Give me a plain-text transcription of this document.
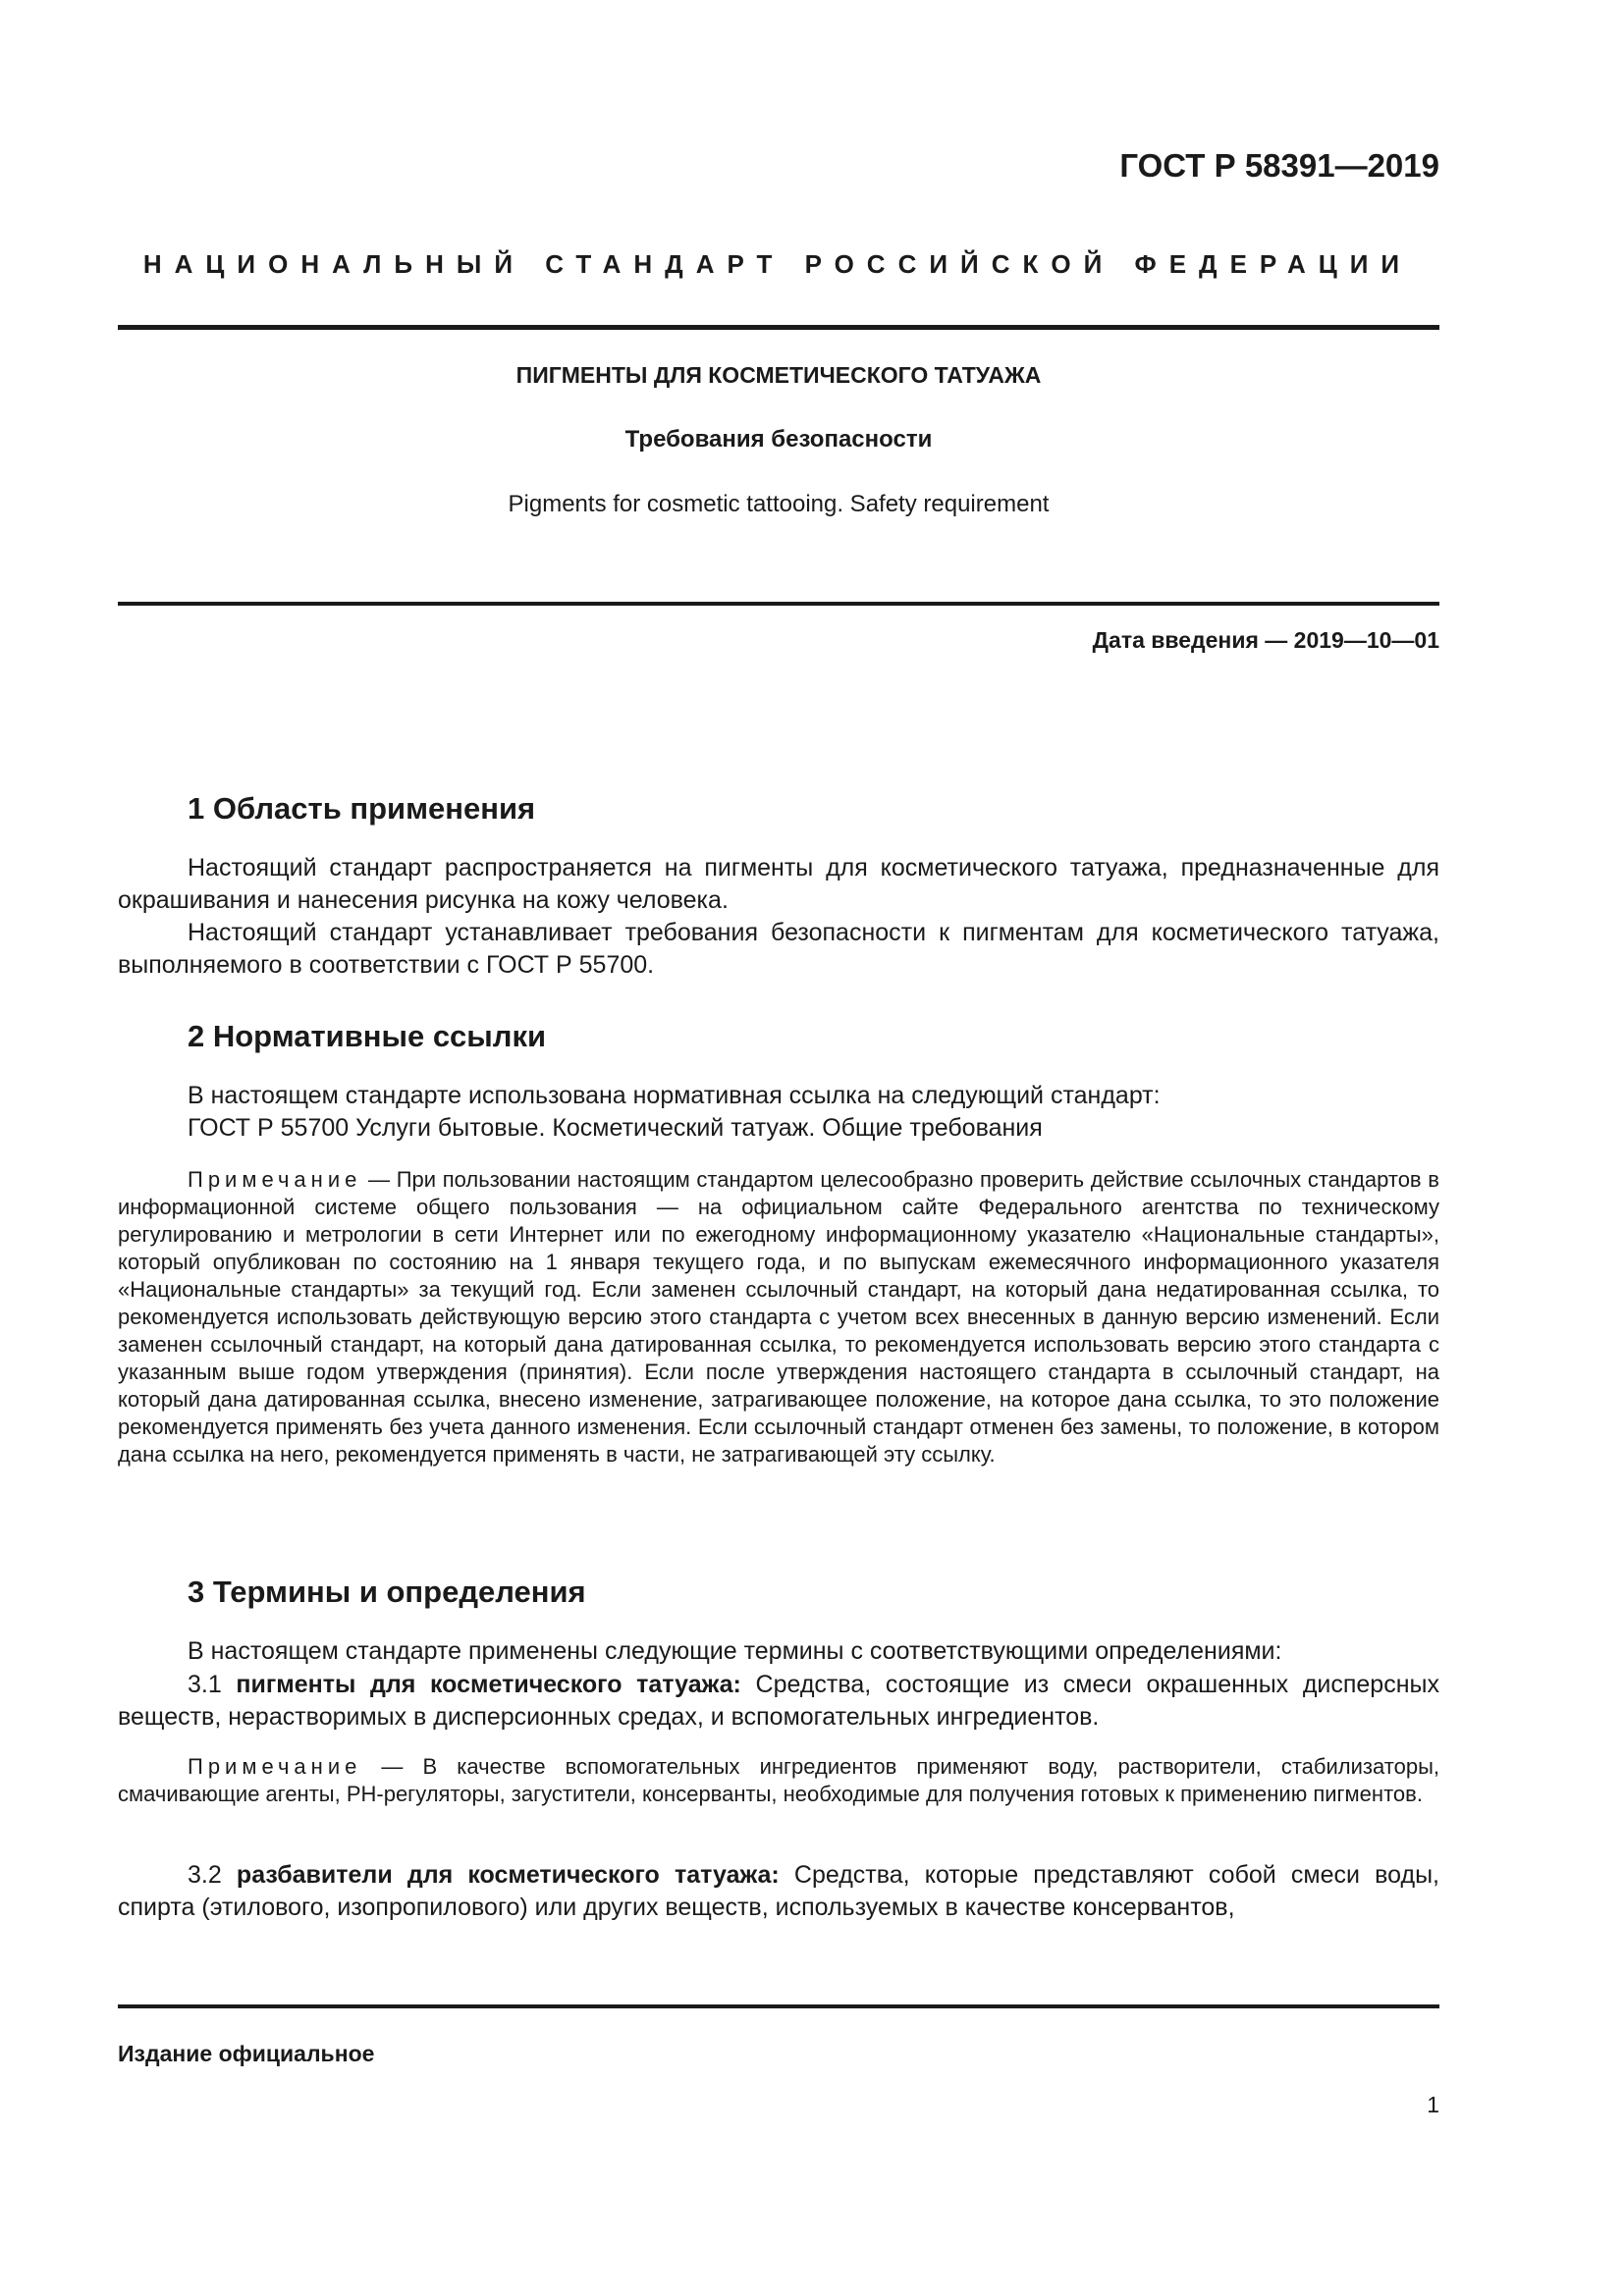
ГОСТ Р 58391—2019
НАЦИОНАЛЬНЫЙ СТАНДАРТ РОССИЙСКОЙ ФЕДЕРАЦИИ
ПИГМЕНТЫ ДЛЯ КОСМЕТИЧЕСКОГО ТАТУАЖА
Требования безопасности
Pigments for cosmetic tattooing. Safety requirement
Дата введения — 2019—10—01
1 Область применения

Настоящий стандарт распространяется на пигменты для косметического татуажа, предназначенные для окрашивания и нанесения рисунка на кожу человека.

Настоящий стандарт устанавливает требования безопасности к пигментам для косметического татуажа, выполняемого в соответствии с ГОСТ Р 55700.

2 Нормативные ссылки

В настоящем стандарте использована нормативная ссылка на следующий стандарт:

ГОСТ Р 55700 Услуги бытовые. Косметический татуаж. Общие требования

Примечание — При пользовании настоящим стандартом целесообразно проверить действие ссылочных стандартов в информационной системе общего пользования — на официальном сайте Федерального агентства по техническому регулированию и метрологии в сети Интернет или по ежегодному информационному указателю «Национальные стандарты», который опубликован по состоянию на 1 января текущего года, и по выпускам ежемесячного информационного указателя «Национальные стандарты» за текущий год. Если заменен ссылочный стандарт, на который дана недатированная ссылка, то рекомендуется использовать действующую версию этого стандарта с учетом всех внесенных в данную версию изменений. Если заменен ссылочный стандарт, на который дана датированная ссылка, то рекомендуется использовать версию этого стандарта с указанным выше годом утверждения (принятия). Если после утверждения настоящего стандарта в ссылочный стандарт, на который дана датированная ссылка, внесено изменение, затрагивающее положение, на которое дана ссылка, то это положение рекомендуется применять без учета данного изменения. Если ссылочный стандарт отменен без замены, то положение, в котором дана ссылка на него, рекомендуется применять в части, не затрагивающей эту ссылку.

3 Термины и определения

В настоящем стандарте применены следующие термины с соответствующими определениями:

3.1 пигменты для косметического татуажа: Средства, состоящие из смеси окрашенных дисперсных веществ, нерастворимых в дисперсионных средах, и вспомогательных ингредиентов.

Примечание — В качестве вспомогательных ингредиентов применяют воду, растворители, стабилизаторы, смачивающие агенты, PH-регуляторы, загустители, консерванты, необходимые для получения готовых к применению пигментов.

3.2 разбавители для косметического татуажа: Средства, которые представляют собой смеси воды, спирта (этилового, изопропилового) или других веществ, используемых в качестве консервантов,

Издание официальное
1
